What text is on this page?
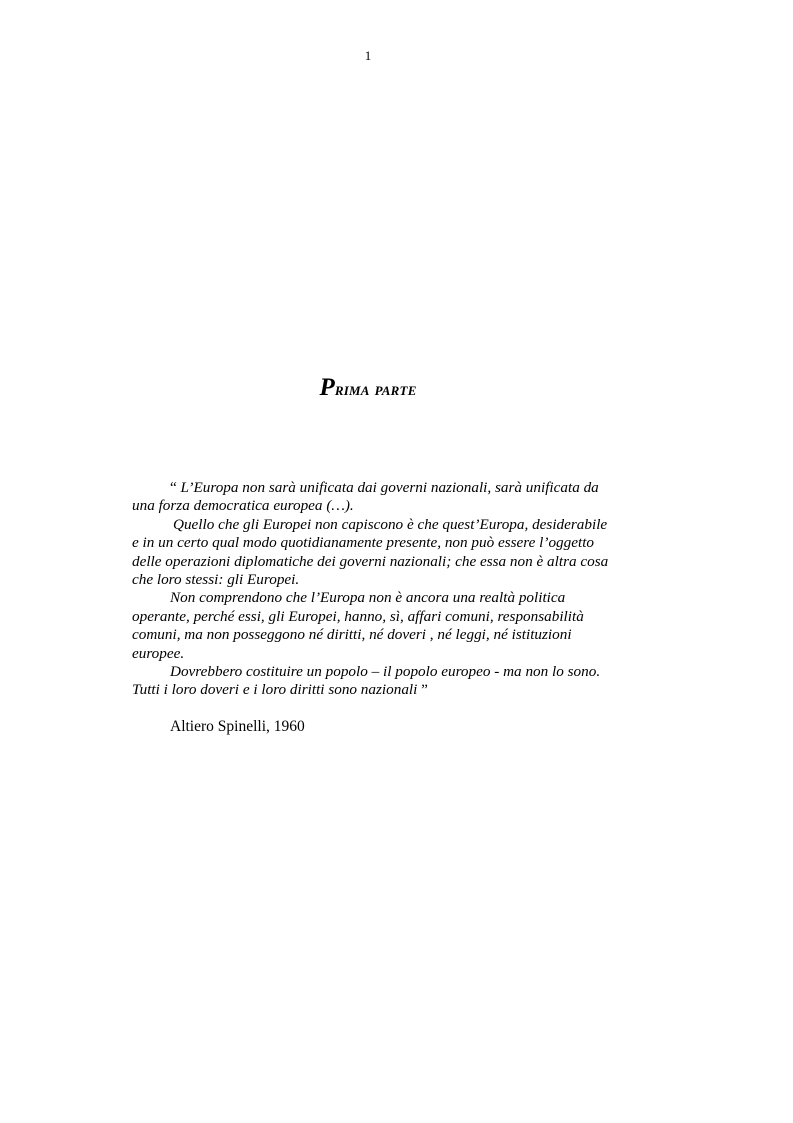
1
Prima parte

“ L’Europa non sarà unificata dai governi nazionali, sarà unificata da una forza democratica europea (…).

Quello che gli Europei non capiscono è che quest’Europa, desiderabile e in un certo qual modo quotidianamente presente, non può essere l’oggetto delle operazioni diplomatiche dei governi nazionali; che essa non è altra cosa che loro stessi: gli Europei.

Non comprendono che l’Europa non è ancora una realtà politica operante, perché essi, gli Europei, hanno, sì, affari comuni, responsabilità comuni, ma non posseggono né diritti, né doveri , né leggi, né istituzioni europee.

Dovrebbero costituire un popolo – il popolo europeo - ma non lo sono. Tutti i loro doveri e i loro diritti sono nazionali ”

Altiero Spinelli, 1960
